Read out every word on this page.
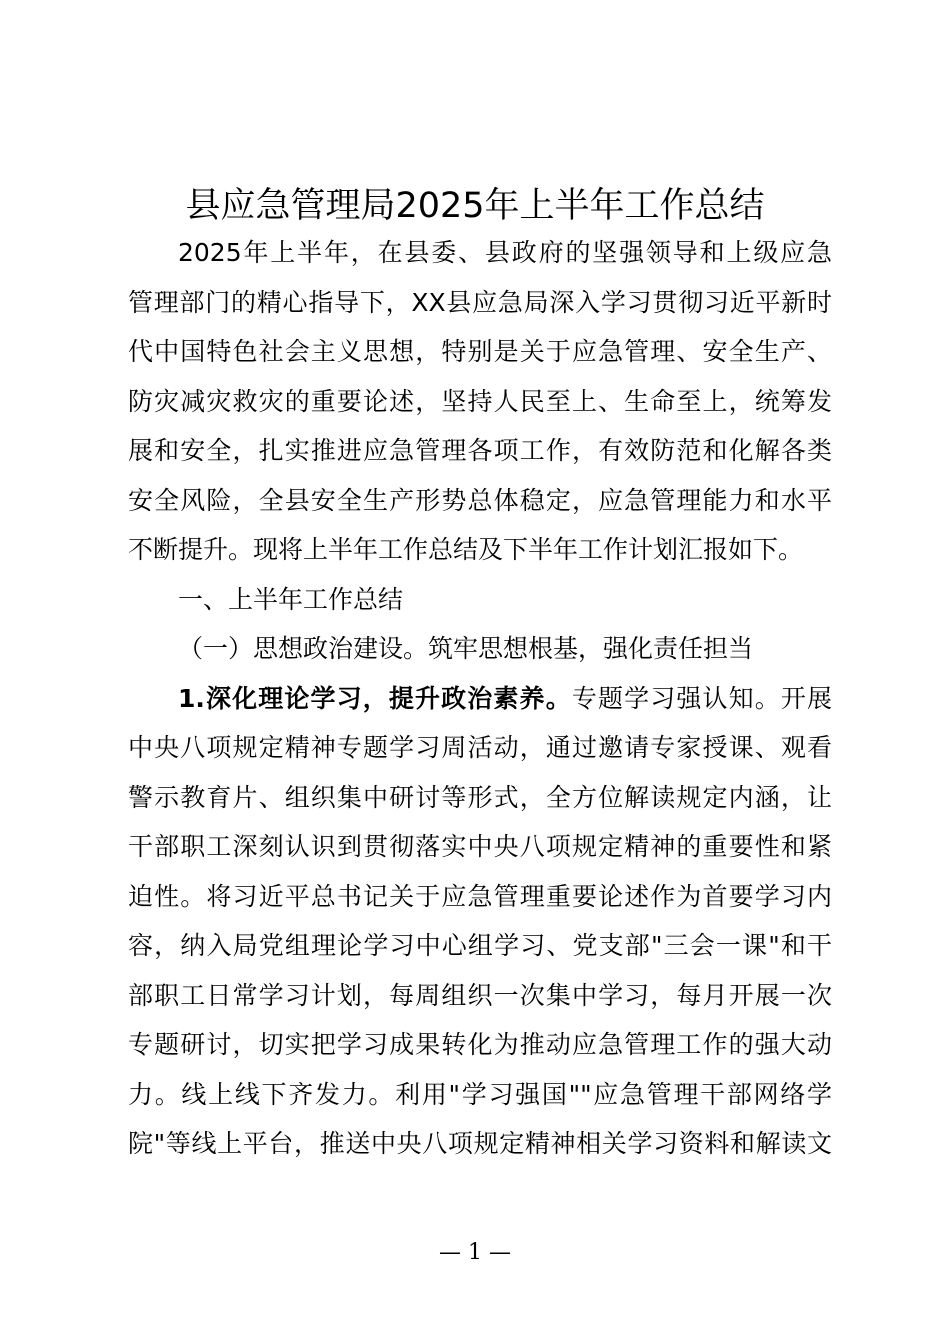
县应急管理局2025年上半年工作总结
2025年上半年，在县委、县政府的坚强领导和上级应急
管理部门的精心指导下，XX县应急局深入学习贯彻习近平新时
代中国特色社会主义思想，特别是关于应急管理、安全生产、
防灾减灾救灾的重要论述，坚持人民至上、生命至上，统筹发
展和安全，扎实推进应急管理各项工作，有效防范和化解各类
安全风险，全县安全生产形势总体稳定，应急管理能力和水平
不断提升。现将上半年工作总结及下半年工作计划汇报如下。
一、上半年工作总结
（一）思想政治建设。筑牢思想根基，强化责任担当
1.深化理论学习，提升政治素养。专题学习强认知。开展
中央八项规定精神专题学习周活动，通过邀请专家授课、观看
警示教育片、组织集中研讨等形式，全方位解读规定内涵，让
干部职工深刻认识到贯彻落实中央八项规定精神的重要性和紧
迫性。将习近平总书记关于应急管理重要论述作为首要学习内
容，纳入局党组理论学习中心组学习、党支部"三会一课"和干
部职工日常学习计划，每周组织一次集中学习，每月开展一次
专题研讨，切实把学习成果转化为推动应急管理工作的强大动
力。线上线下齐发力。利用"学习强国""应急管理干部网络学
院"等线上平台，推送中央八项规定精神相关学习资料和解读文
— 1 —
